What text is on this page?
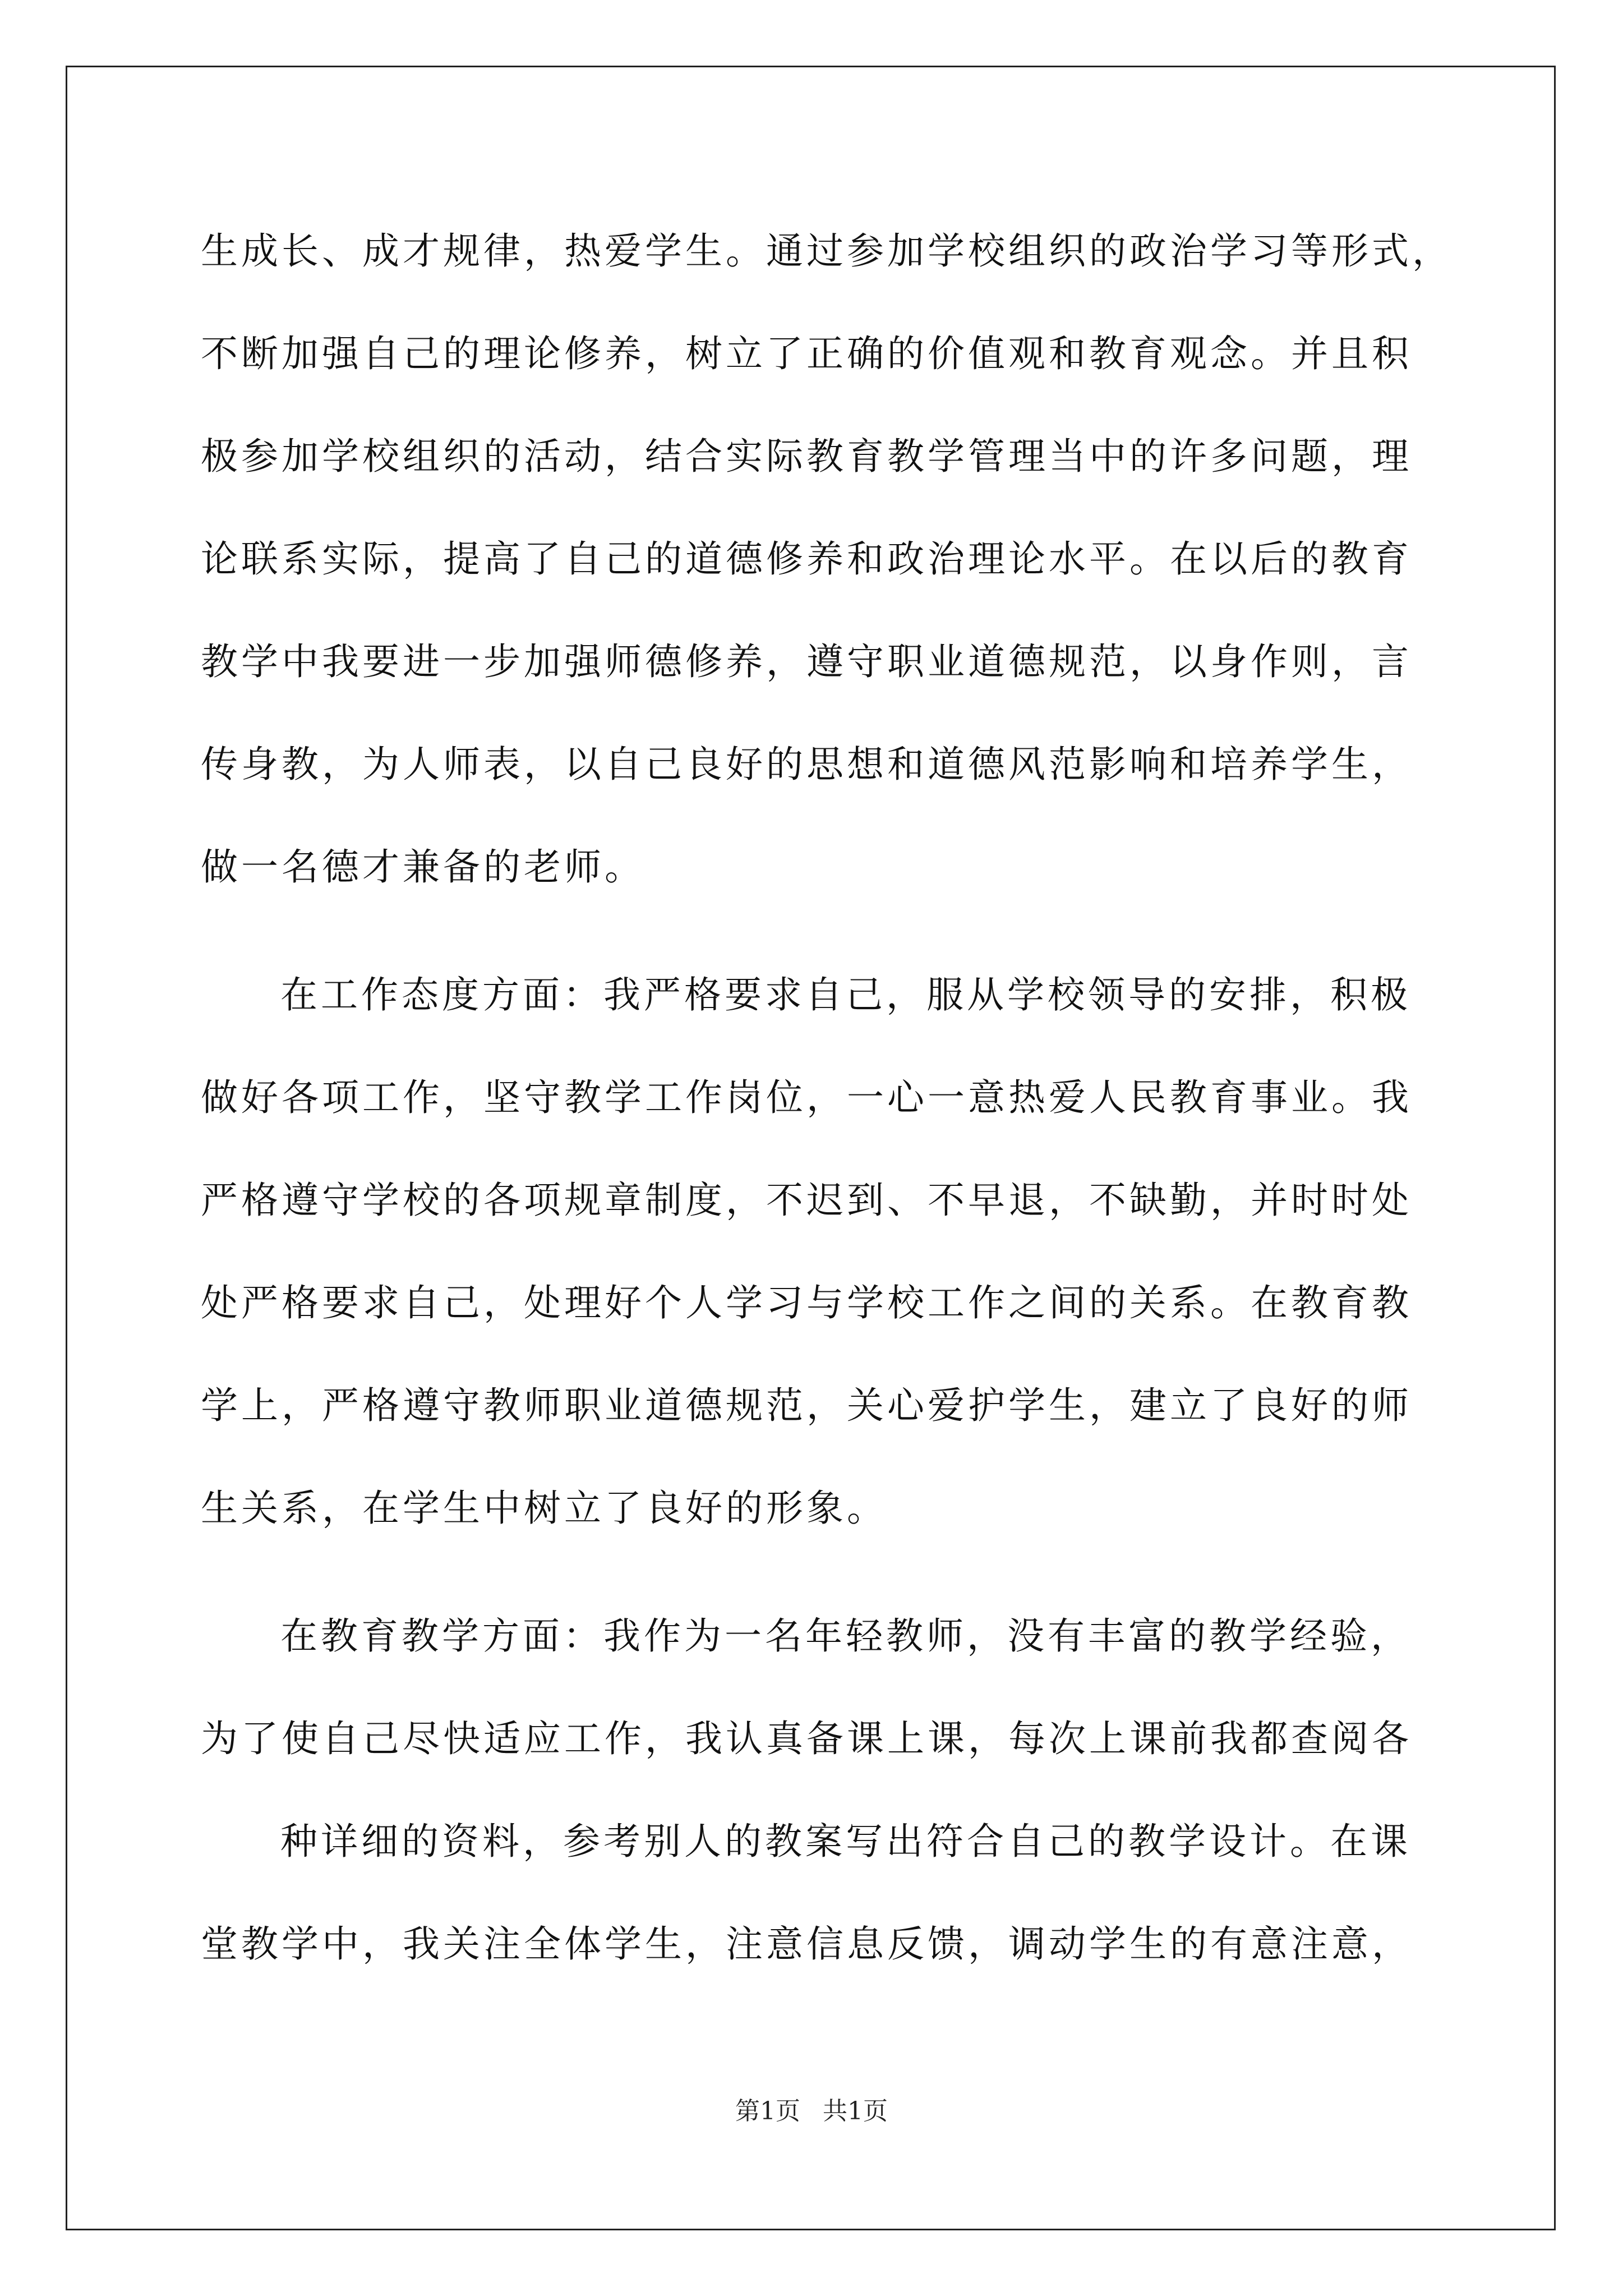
生成长、成才规律，热爱学生。通过参加学校组织的政治学习等形式，
不断加强自己的理论修养，树立了正确的价值观和教育观念。并且积
极参加学校组织的活动，结合实际教育教学管理当中的许多问题，理
论联系实际，提高了自己的道德修养和政治理论水平。在以后的教育
教学中我要进一步加强师德修养，遵守职业道德规范，以身作则，言
传身教，为人师表，以自己良好的思想和道德风范影响和培养学生，
做一名德才兼备的老师。
在工作态度方面：我严格要求自己，服从学校领导的安排，积极
做好各项工作，坚守教学工作岗位，一心一意热爱人民教育事业。我
严格遵守学校的各项规章制度，不迟到、不早退，不缺勤，并时时处
处严格要求自己，处理好个人学习与学校工作之间的关系。在教育教
学上，严格遵守教师职业道德规范，关心爱护学生，建立了良好的师
生关系，在学生中树立了良好的形象。
在教育教学方面：我作为一名年轻教师，没有丰富的教学经验，
为了使自己尽快适应工作，我认真备课上课，每次上课前我都查阅各
种详细的资料，参考别人的教案写出符合自己的教学设计。在课
堂教学中，我关注全体学生，注意信息反馈，调动学生的有意注意，
第1页 共1页
